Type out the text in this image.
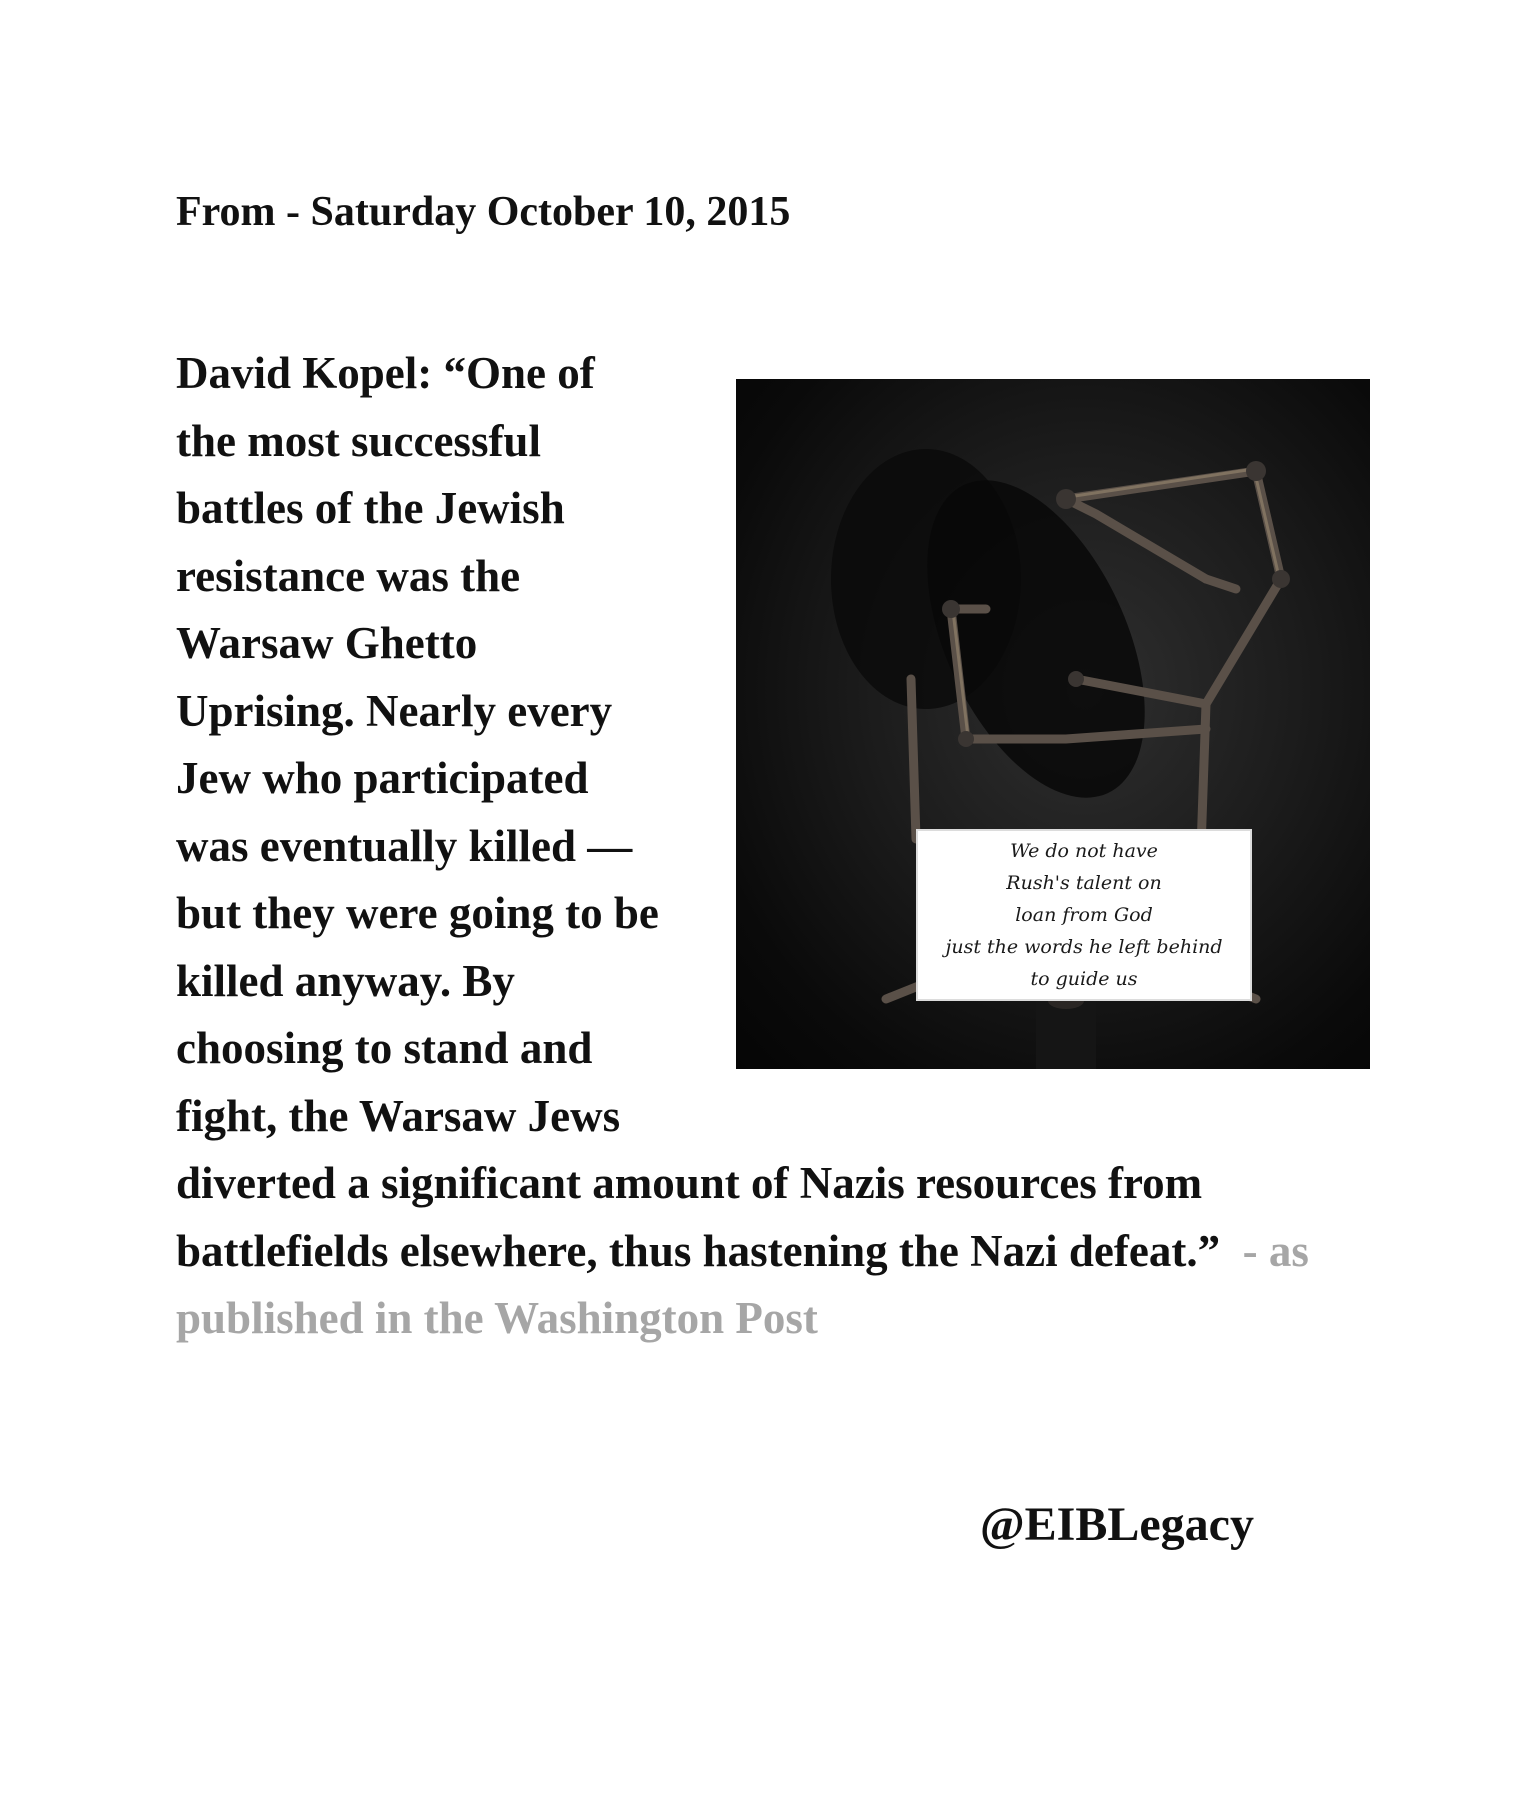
From - Saturday October 10, 2015

We do not have
Rush's talent on
loan from God
just the words he left behind
to guide us

David Kopel: “One of the most successful battles of the Jewish resistance was the Warsaw Ghetto Uprising. Nearly every Jew who participated was eventually killed — but they were going to be killed anyway. By choosing to stand and fight, the Warsaw Jews diverted a significant amount of Nazis resources from battlefields elsewhere, thus hastening the Nazi defeat.” - as published in the Washington Post

@EIBLegacy
